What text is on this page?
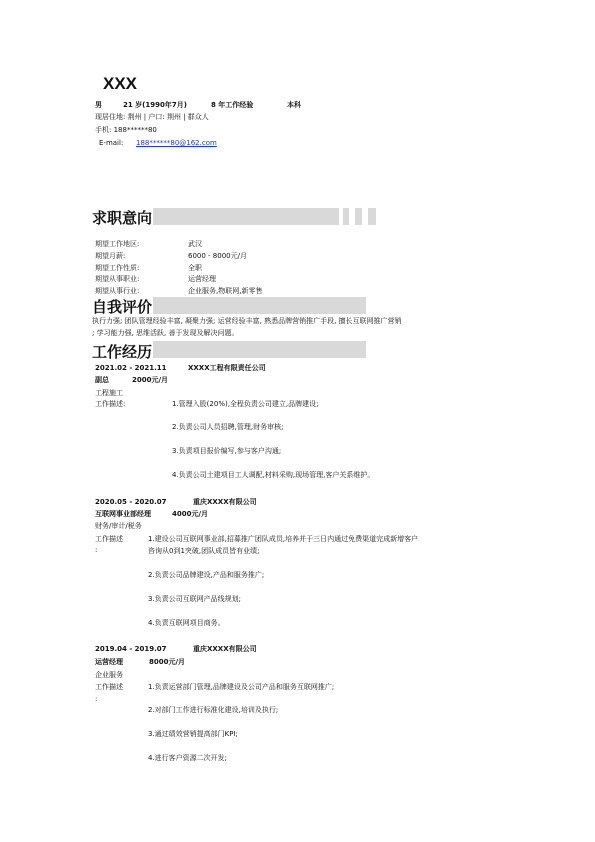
XXX
男	21 岁(1990年7月)	8 年工作经验	本科
现居住地: 荆州 | 户口: 荆州 | 群众人
手机: 188******80
E-mail: 188******80@162.com
求职意向
期望工作地区:	武汉
期望月薪:	6000 - 8000元/月
期望工作性质:	全职
期望从事职业:	运营经理
期望从事行业:	企业服务,物联网,新零售
自我评价
执行力强; 团队管理经验丰富, 凝聚力强; 运营经验丰富, 熟悉品牌营销推广手段, 擅长互联网推广营销
; 学习能力强, 思维活跃, 善于发现及解决问题。
工作经历
2021.02 - 2021.11	XXXX工程有限责任公司
副总	2000元/月
工程施工
工作描述:	1.管理入股(20%),全程负责公司建立,品牌建设;
2.负责公司人员招聘,管理,财务审核;
3.负责项目报价编写,参与客户沟通;
4.负责公司土建项目工人调配,材料采购,现场管理,客户关系维护。
2020.05 - 2020.07	重庆XXXX有限公司
互联网事业部经理	4000元/月
财务/审计/税务
工作描述
:
1.建设公司互联网事业部,招募推广团队成员,培养并于三日内通过免费渠道完成新增客户
咨询从0到1突破,团队成员皆有业绩;
2.负责公司品牌建设,产品和服务推广;
3.负责公司互联网产品线规划;
4.负责互联网项目商务。
2019.04 - 2019.07	重庆XXXX有限公司
运营经理	8000元/月
企业服务
工作描述
:
1.负责运营部门管理,品牌建设及公司产品和服务互联网推广;
2.对部门工作进行标准化建设,培训及执行;
3.通过绩效营销提高部门KPI;
4.进行客户资源二次开发;
